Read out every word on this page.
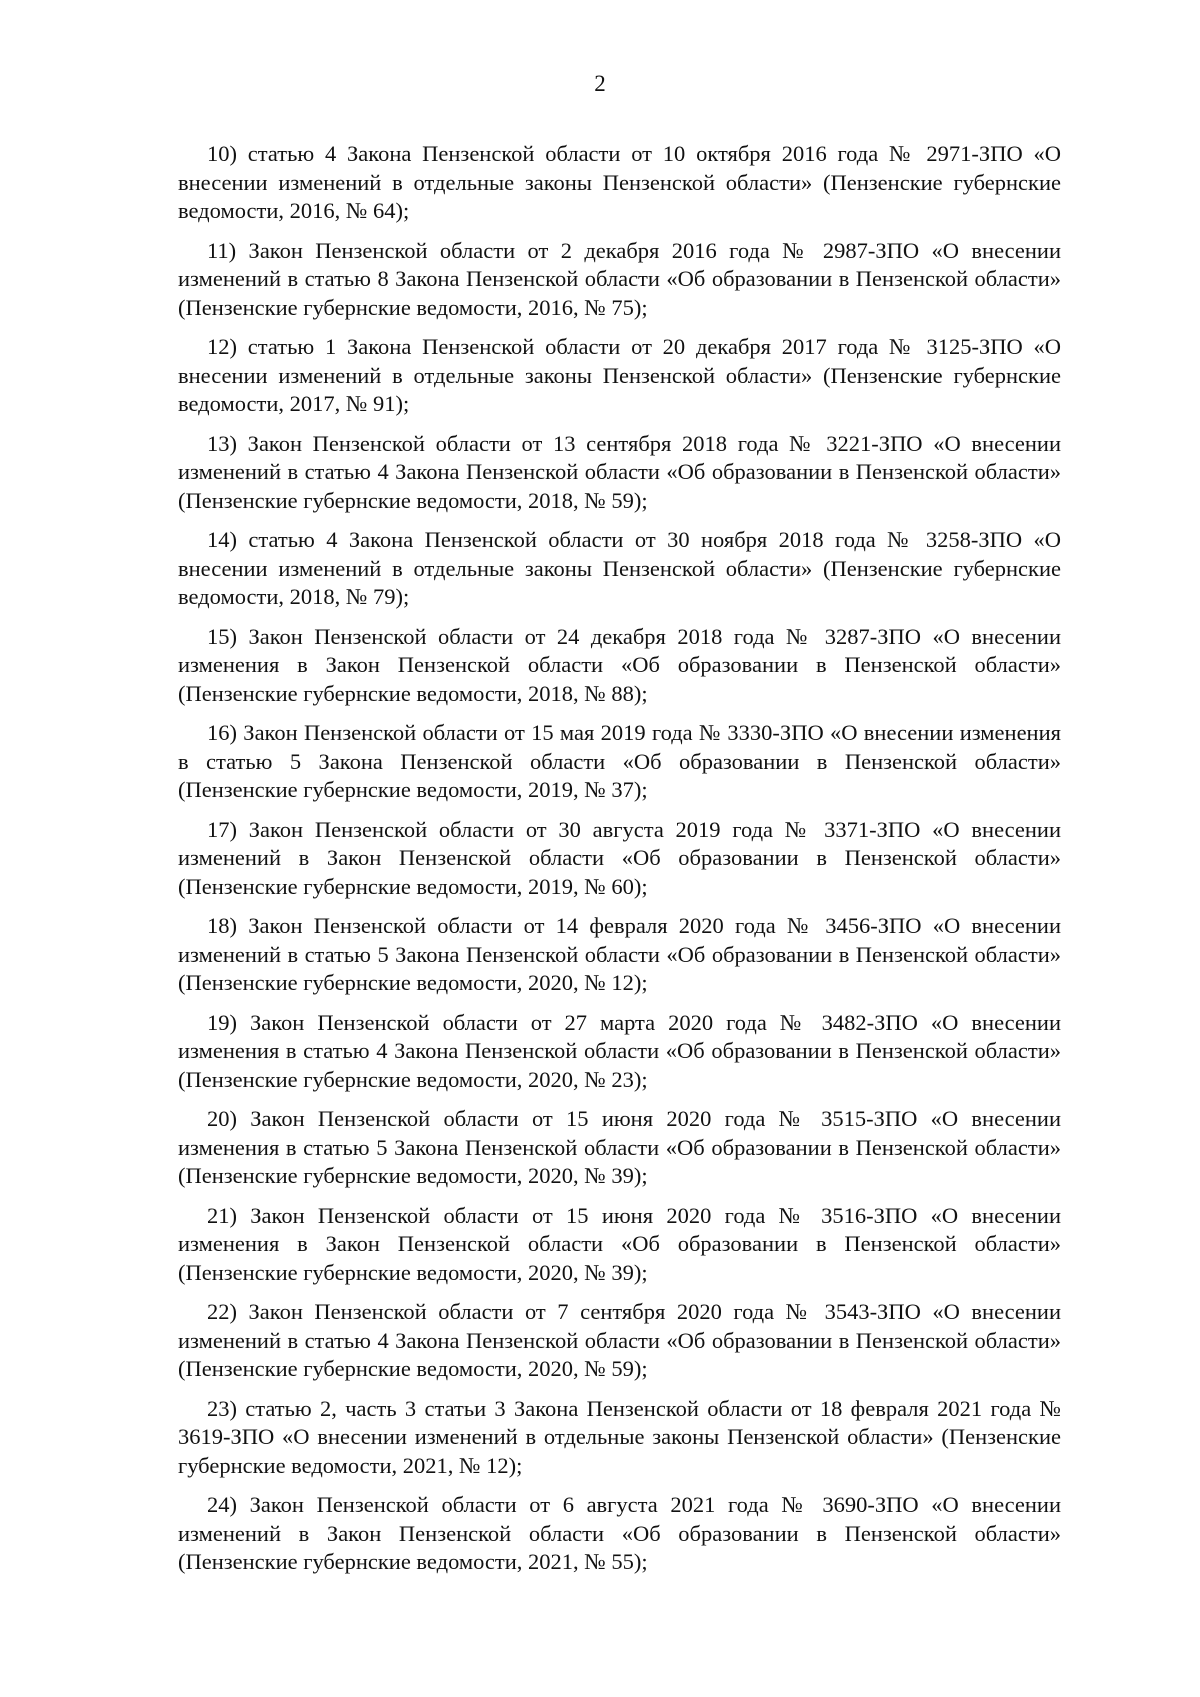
2

10) статью 4 Закона Пензенской области от 10 октября 2016 года № 2971-ЗПО «О внесении изменений в отдельные законы Пензенской области» (Пензенские губернские ведомости, 2016, № 64);

11) Закон Пензенской области от 2 декабря 2016 года № 2987-ЗПО «О внесении изменений в статью 8 Закона Пензенской области «Об образовании в Пензенской области» (Пензенские губернские ведомости, 2016, № 75);

12) статью 1 Закона Пензенской области от 20 декабря 2017 года № 3125-ЗПО «О внесении изменений в отдельные законы Пензенской области» (Пензенские губернские ведомости, 2017, № 91);

13) Закон Пензенской области от 13 сентября 2018 года № 3221-ЗПО «О внесении изменений в статью 4 Закона Пензенской области «Об образовании в Пензенской области» (Пензенские губернские ведомости, 2018, № 59);

14) статью 4 Закона Пензенской области от 30 ноября 2018 года № 3258-ЗПО «О внесении изменений в отдельные законы Пензенской области» (Пензенские губернские ведомости, 2018, № 79);

15) Закон Пензенской области от 24 декабря 2018 года № 3287-ЗПО «О внесении изменения в Закон Пензенской области «Об образовании в Пензенской области» (Пензенские губернские ведомости, 2018, № 88);

16) Закон Пензенской области от 15 мая 2019 года № 3330-ЗПО «О внесении изменения в статью 5 Закона Пензенской области «Об образовании в Пензенской области» (Пензенские губернские ведомости, 2019, № 37);

17) Закон Пензенской области от 30 августа 2019 года № 3371-ЗПО «О внесении изменений в Закон Пензенской области «Об образовании в Пензенской области» (Пензенские губернские ведомости, 2019, № 60);

18) Закон Пензенской области от 14 февраля 2020 года № 3456-ЗПО «О внесении изменений в статью 5 Закона Пензенской области «Об образовании в Пензенской области» (Пензенские губернские ведомости, 2020, № 12);

19) Закон Пензенской области от 27 марта 2020 года № 3482-ЗПО «О внесении изменения в статью 4 Закона Пензенской области «Об образовании в Пензенской области» (Пензенские губернские ведомости, 2020, № 23);

20) Закон Пензенской области от 15 июня 2020 года № 3515-ЗПО «О внесении изменения в статью 5 Закона Пензенской области «Об образовании в Пензенской области» (Пензенские губернские ведомости, 2020, № 39);

21) Закон Пензенской области от 15 июня 2020 года № 3516-ЗПО «О внесении изменения в Закон Пензенской области «Об образовании в Пензенской области» (Пензенские губернские ведомости, 2020, № 39);

22) Закон Пензенской области от 7 сентября 2020 года № 3543-ЗПО «О внесении изменений в статью 4 Закона Пензенской области «Об образовании в Пензенской области» (Пензенские губернские ведомости, 2020, № 59);

23) статью 2, часть 3 статьи 3 Закона Пензенской области от 18 февраля 2021 года № 3619-ЗПО «О внесении изменений в отдельные законы Пензенской области» (Пензенские губернские ведомости, 2021, № 12);

24) Закон Пензенской области от 6 августа 2021 года № 3690-ЗПО «О внесении изменений в Закон Пензенской области «Об образовании в Пензенской области» (Пензенские губернские ведомости, 2021, № 55);
